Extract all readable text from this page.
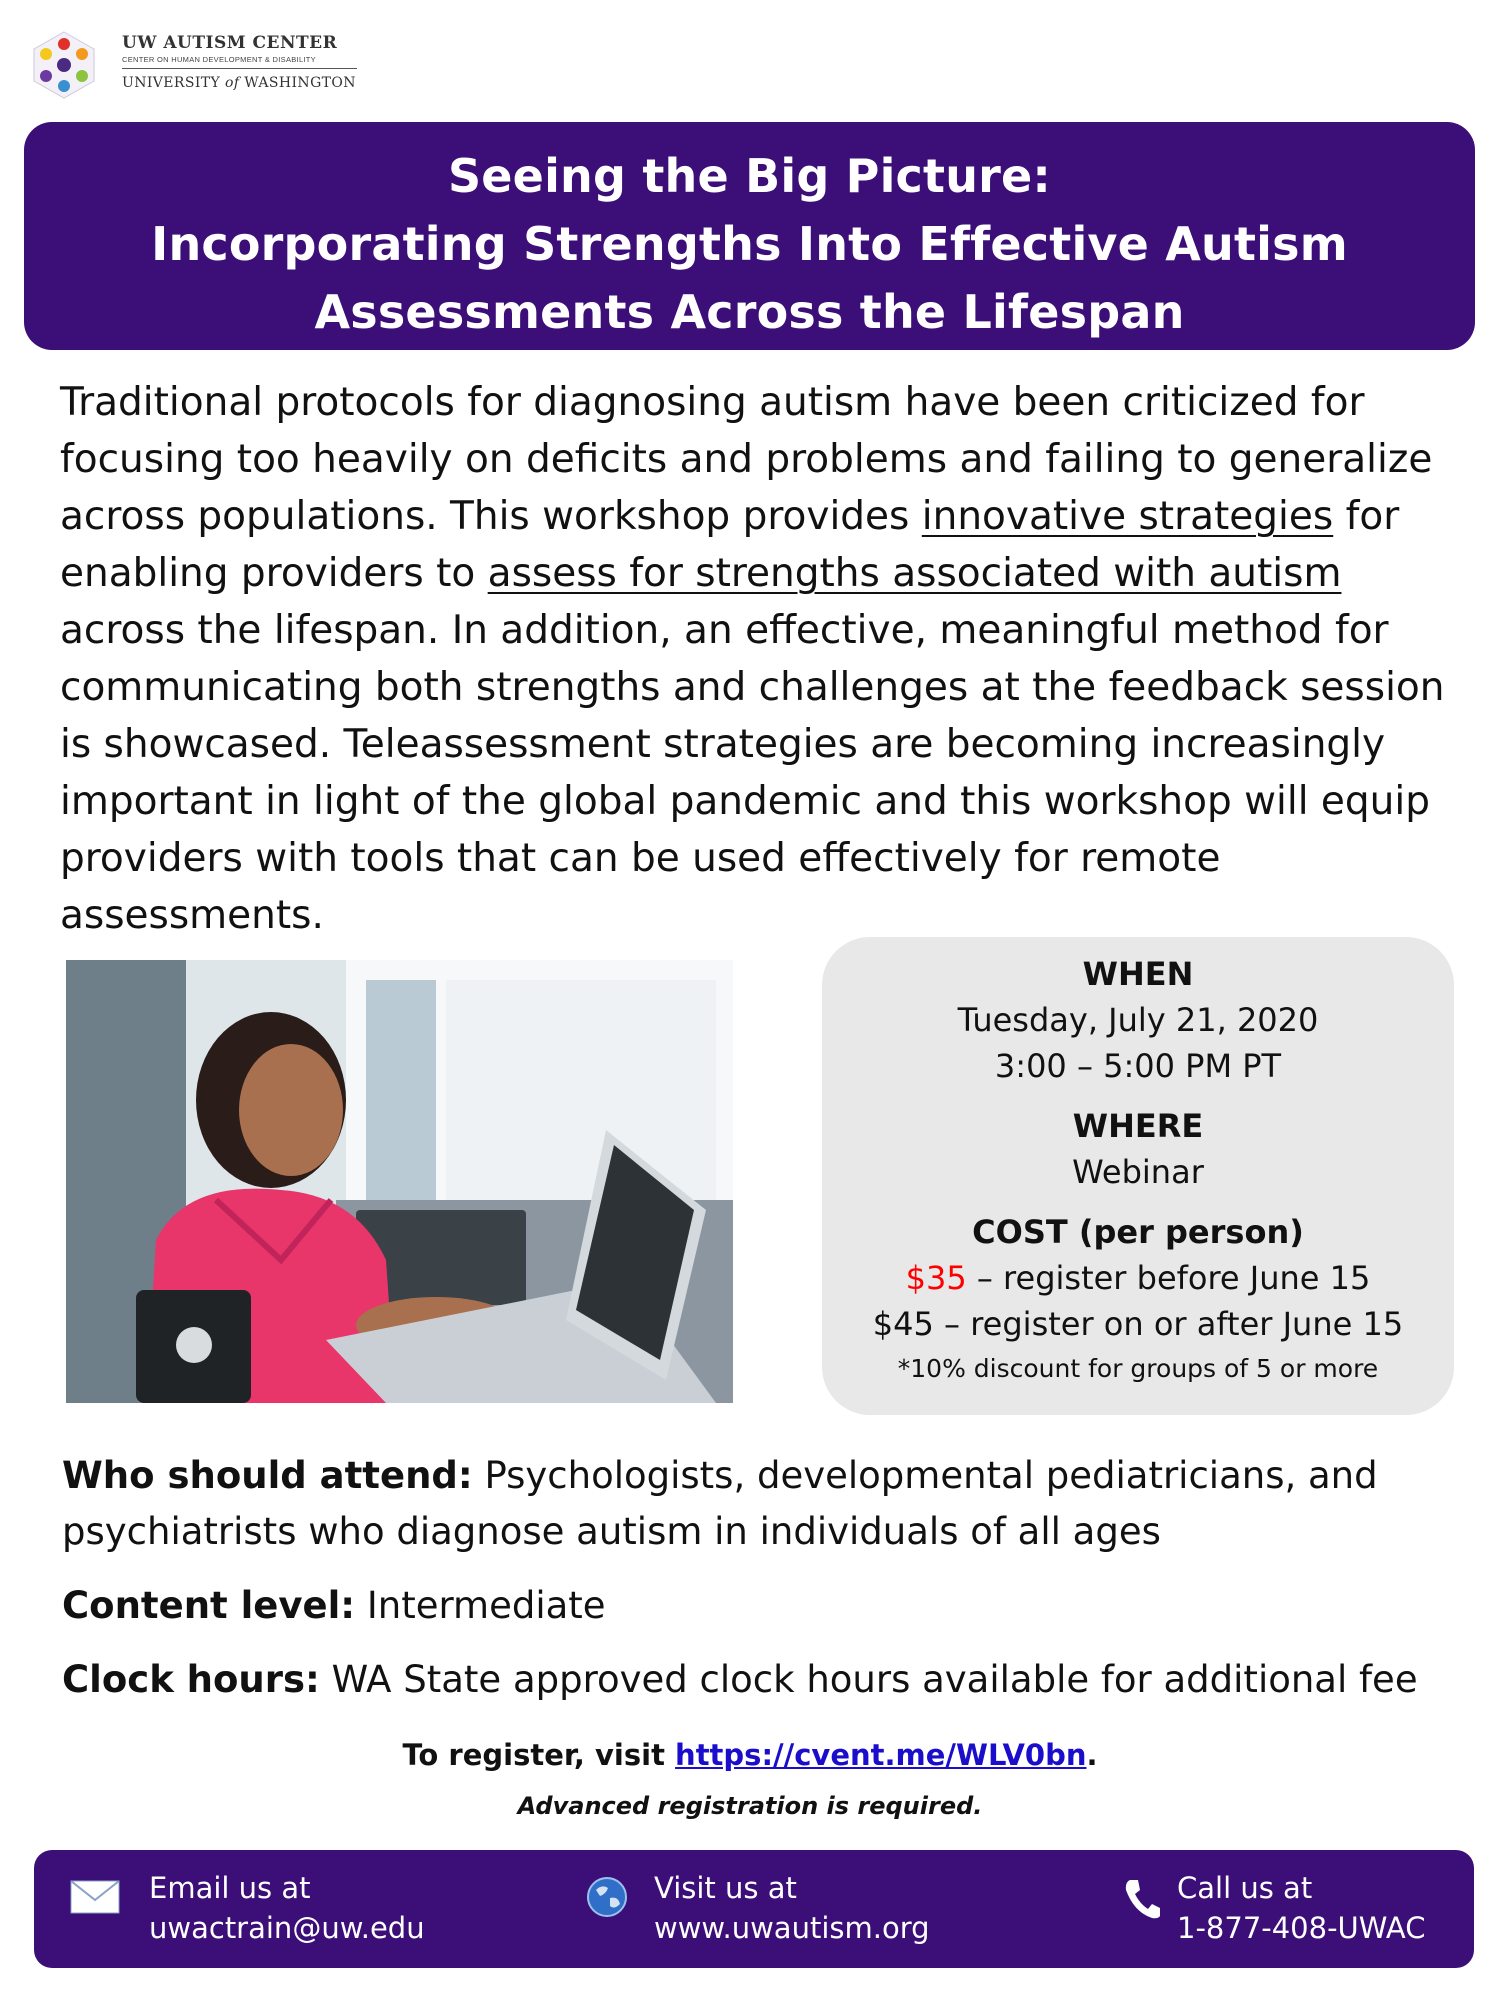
UW AUTISM CENTER
CENTER ON HUMAN DEVELOPMENT & DISABILITY
UNIVERSITY of WASHINGTON
Seeing the Big Picture:
Incorporating Strengths Into Effective Autism
Assessments Across the Lifespan
Traditional protocols for diagnosing autism have been criticized for focusing too heavily on deficits and problems and failing to generalize across populations. This workshop provides innovative strategies for enabling providers to assess for strengths associated with autism across the lifespan. In addition, an effective, meaningful method for communicating both strengths and challenges at the feedback session is showcased. Teleassessment strategies are becoming increasingly important in light of the global pandemic and this workshop will equip providers with tools that can be used effectively for remote assessments.
WHEN
Tuesday, July 21, 2020
3:00 – 5:00 PM PT
WHERE
Webinar
COST (per person)
$35 – register before June 15
$45 – register on or after June 15
*10% discount for groups of 5 or more
Who should attend: Psychologists, developmental pediatricians, and psychiatrists who diagnose autism in individuals of all ages
Content level: Intermediate
Clock hours: WA State approved clock hours available for additional fee
To register, visit https://cvent.me/WLV0bn.
Advanced registration is required.
Email us at
uwactrain@uw.edu
Visit us at
www.uwautism.org
Call us at
1-877-408-UWAC
